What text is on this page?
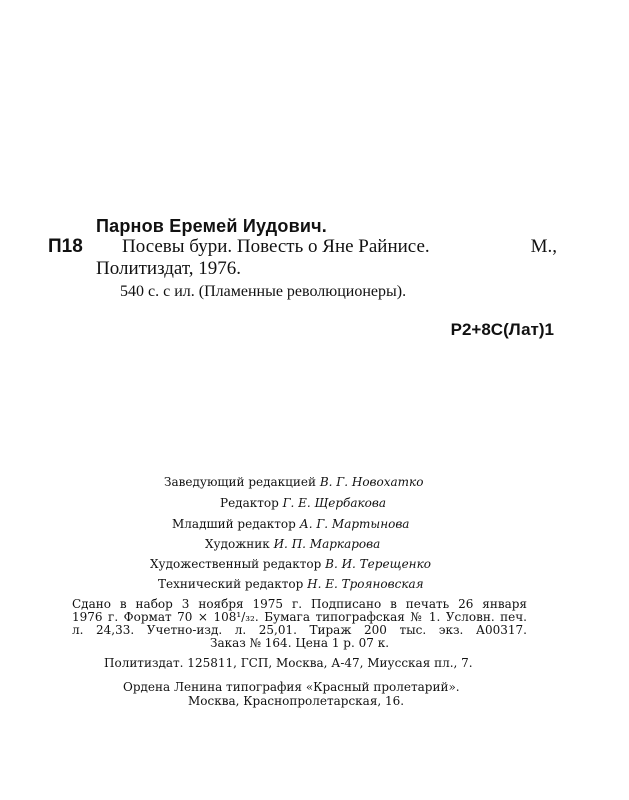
Парнов Еремей Иудович.
П18 Посевы бури. Повесть о Яне Райнисе.	М.,
Политиздат, 1976.
540 с. с ил. (Пламенные революционеры).
Р2+8С(Лат)1
Заведующий редакцией В. Г. Новохатко
Редактор Г. Е. Щербакова
Младший редактор А. Г. Мартынова
Художник И. П. Маркарова
Художественный редактор В. И. Терещенко
Технический редактор Н. Е. Трояновская
Сдано в набор 3 ноября 1975 г. Подписано в печать 26 января
1976 г. Формат 70 × 108¹/₃₂. Бумага типографская № 1. Условн. печ.
л. 24,33. Учетно-изд. л. 25,01. Тираж 200 тыс. экз. А00317.
Заказ № 164. Цена 1 р. 07 к.
Политиздат. 125811, ГСП, Москва, А-47, Миусская пл., 7.
Ордена Ленина типография «Красный пролетарий».
Москва, Краснопролетарская, 16.
